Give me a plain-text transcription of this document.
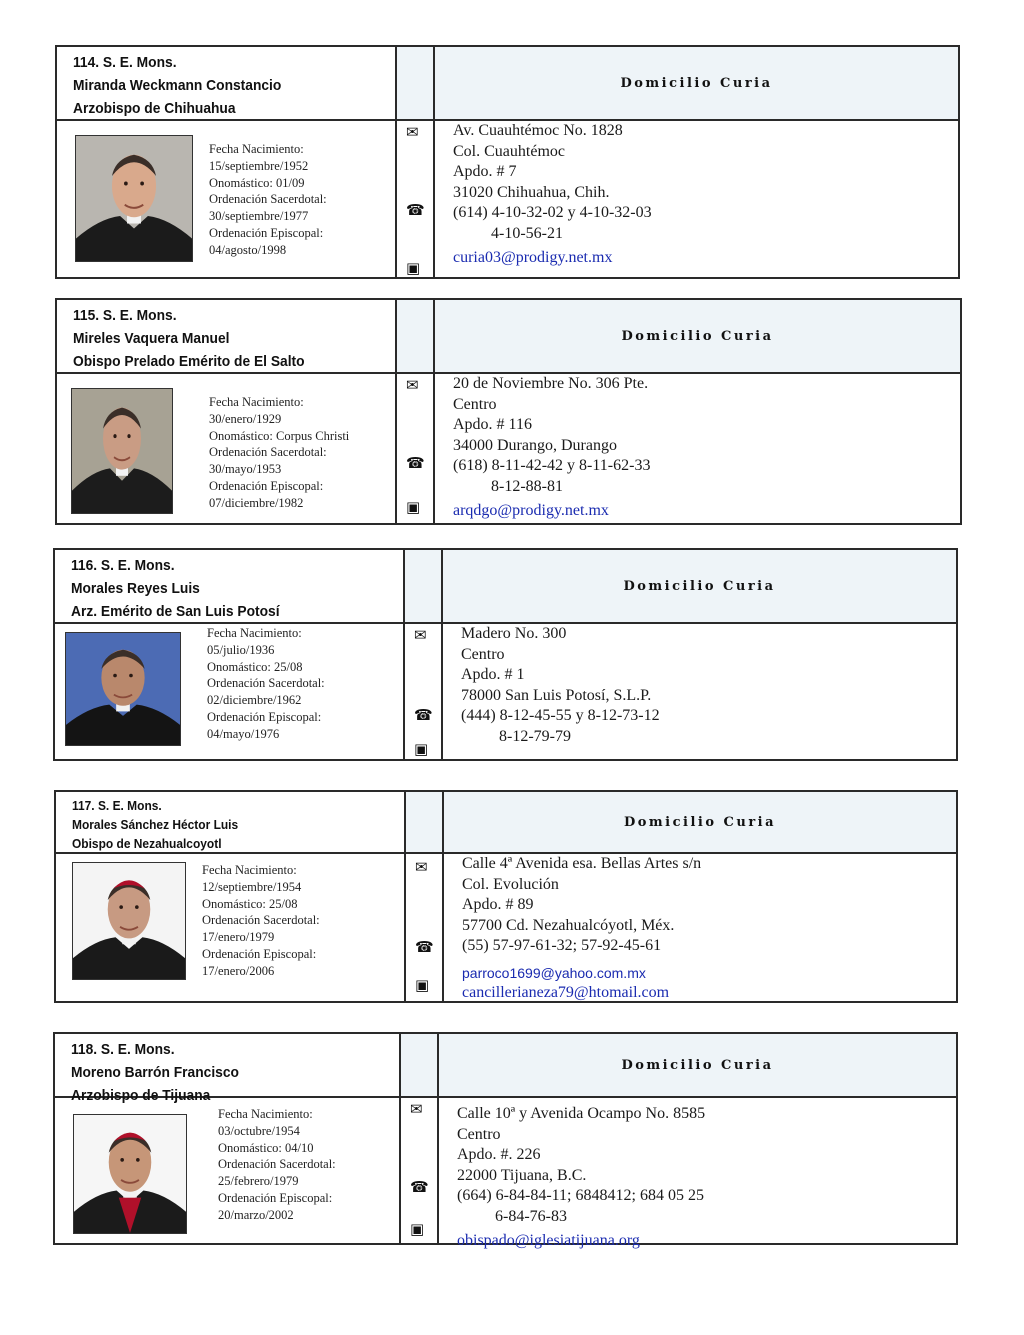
114. S. E. Mons.
Miranda Weckmann Constancio
Arzobispo de Chihuahua
Domicilio Curia
Fecha Nacimiento:
15/septiembre/1952
Onomástico: 01/09
Ordenación Sacerdotal:
30/septiembre/1977
Ordenación Episcopal:
04/agosto/1998
✉
☎
▣
Av. Cuauhtémoc No. 1828
Col. Cuauhtémoc
Apdo. # 7
31020 Chihuahua, Chih.
(614) 4-10-32-02 y 4-10-32-03
4-10-56-21
curia03@prodigy.net.mx
115. S. E. Mons.
Mireles Vaquera Manuel
Obispo Prelado Emérito de El Salto
Domicilio Curia
Fecha Nacimiento:
30/enero/1929
Onomástico: Corpus Christi
Ordenación Sacerdotal:
30/mayo/1953
Ordenación Episcopal:
07/diciembre/1982
✉
☎
▣
20 de Noviembre No. 306 Pte.
Centro
Apdo. # 116
34000 Durango, Durango
(618) 8-11-42-42 y 8-11-62-33
8-12-88-81
arqdgo@prodigy.net.mx
116. S. E. Mons.
Morales Reyes Luis
Arz. Emérito de San Luis Potosí
Domicilio Curia
Fecha Nacimiento:
05/julio/1936
Onomástico: 25/08
Ordenación Sacerdotal:
02/diciembre/1962
Ordenación Episcopal:
04/mayo/1976
✉
☎
▣
Madero No. 300
Centro
Apdo. # 1
78000 San Luis Potosí, S.L.P.
(444) 8-12-45-55 y 8-12-73-12
8-12-79-79
117. S. E. Mons.
Morales Sánchez Héctor Luis
Obispo de Nezahualcoyotl
Domicilio Curia
Fecha Nacimiento:
12/septiembre/1954
Onomástico: 25/08
Ordenación Sacerdotal:
17/enero/1979
Ordenación Episcopal:
17/enero/2006
✉
☎
▣
Calle 4ª Avenida esa. Bellas Artes s/n
Col. Evolución
Apdo. # 89
57700 Cd. Nezahualcóyotl, Méx.
(55) 57-97-61-32; 57-92-45-61
parroco1699@yahoo.com.mx
cancillerianeza79@htomail.com
118. S. E. Mons.
Moreno Barrón Francisco
Arzobispo de Tijuana
Domicilio Curia
Fecha Nacimiento:
03/octubre/1954
Onomástico: 04/10
Ordenación Sacerdotal:
25/febrero/1979
Ordenación Episcopal:
20/marzo/2002
✉
☎
▣
Calle 10ª y Avenida Ocampo No. 8585
Centro
Apdo. #. 226
22000 Tijuana, B.C.
(664) 6-84-84-11; 6848412; 684 05 25
6-84-76-83
obispado@iglesiatijuana.org
